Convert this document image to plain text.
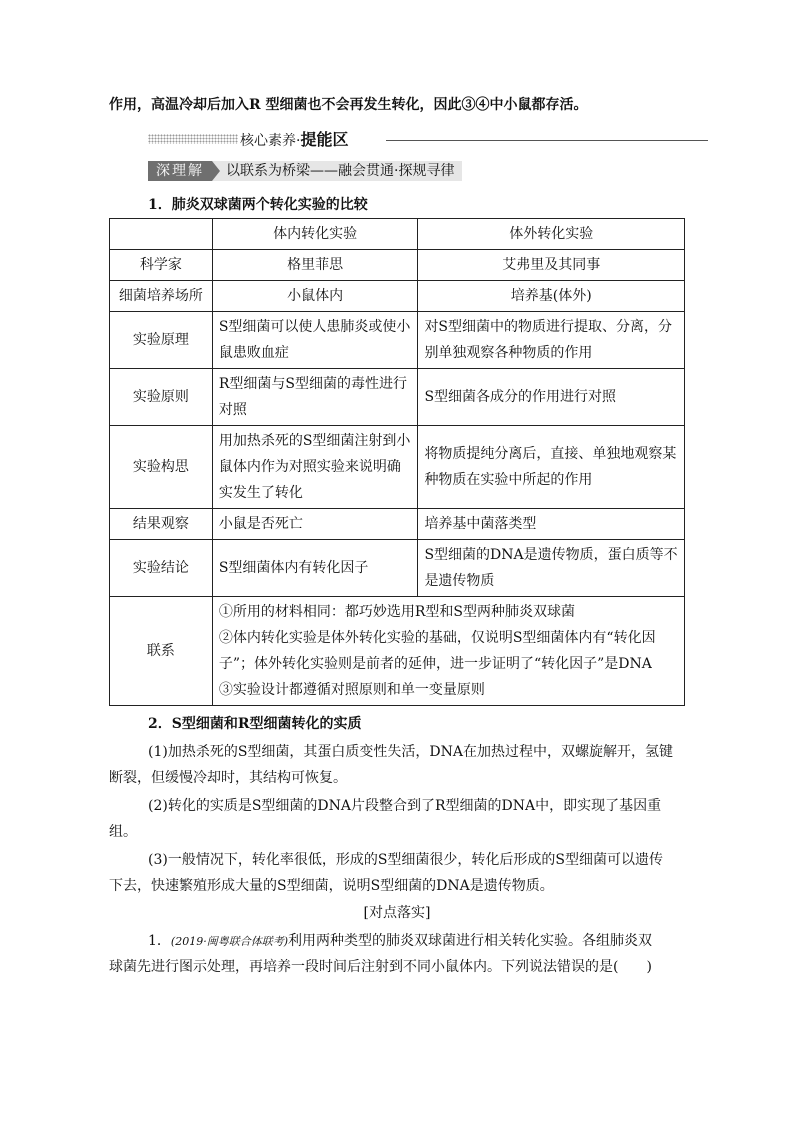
作用，高温冷却后加入R 型细菌也不会再发生转化，因此③④中小鼠都存活。
核心素养·提能区
深理解	以联系为桥梁——融会贯通·探规寻律
1．肺炎双球菌两个转化实验的比较
	体内转化实验	体外转化实验
科学家	格里菲思	艾弗里及其同事
细菌培养场所	小鼠体内	培养基(体外)
实验原理	S型细菌可以使人患肺炎或使小鼠患败血症	对S型细菌中的物质进行提取、分离，分别单独观察各种物质的作用
实验原则	R型细菌与S型细菌的毒性进行对照	S型细菌各成分的作用进行对照
实验构思	用加热杀死的S型细菌注射到小鼠体内作为对照实验来说明确实发生了转化	将物质提纯分离后，直接、单独地观察某种物质在实验中所起的作用
结果观察	小鼠是否死亡	培养基中菌落类型
实验结论	S型细菌体内有转化因子	S型细菌的DNA是遗传物质，蛋白质等不是遗传物质
联系	①所用的材料相同：都巧妙选用R型和S型两种肺炎双球菌
②体内转化实验是体外转化实验的基础，仅说明S型细菌体内有“转化因子”；体外转化实验则是前者的延伸，进一步证明了“转化因子”是DNA
③实验设计都遵循对照原则和单一变量原则	
2．S型细菌和R型细菌转化的实质
(1)加热杀死的S型细菌，其蛋白质变性失活，DNA在加热过程中，双螺旋解开，氢键
断裂，但缓慢冷却时，其结构可恢复。
(2)转化的实质是S型细菌的DNA片段整合到了R型细菌的DNA中，即实现了基因重
组。
(3)一般情况下，转化率很低，形成的S型细菌很少，转化后形成的S型细菌可以遗传
下去，快速繁殖形成大量的S型细菌，说明S型细菌的DNA是遗传物质。
[对点落实]
1．(2019·闽粤联合体联考)利用两种类型的肺炎双球菌进行相关转化实验。各组肺炎双
球菌先进行图示处理，再培养一段时间后注射到不同小鼠体内。下列说法错误的是(　　)
